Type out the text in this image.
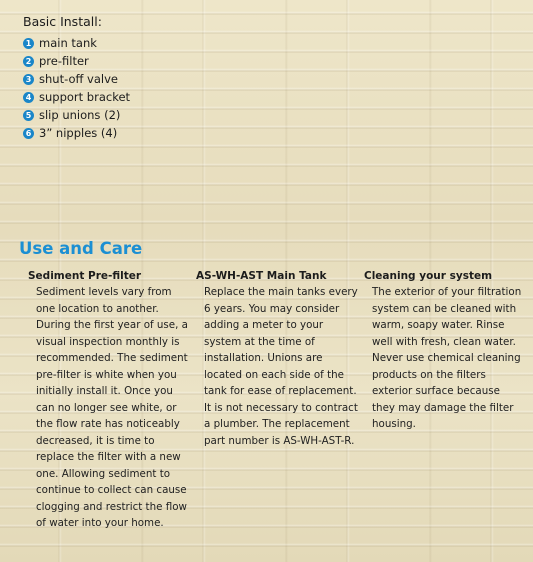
Basic Install:

1 main tank
2 pre-filter
3 shut-off valve
4 support bracket
5 slip unions (2)
6 3” nipples (4)
Use and Care

Sediment Pre-filter

Sediment levels vary from one location to another. During the first year of use, a visual inspection monthly is recommended. The sediment pre-filter is white when you initially install it. Once you can no longer see white, or the flow rate has noticeably decreased, it is time to replace the filter with a new one. Allowing sediment to continue to collect can cause clogging and restrict the flow of water into your home.

AS-WH-AST Main Tank

Replace the main tanks every 6 years. You may consider adding a meter to your system at the time of installation. Unions are located on each side of the tank for ease of replacement. It is not necessary to contract a plumber. The replacement part number is AS-WH-AST-R.

Cleaning your system

The exterior of your filtration system can be cleaned with warm, soapy water. Rinse well with fresh, clean water. Never use chemical cleaning products on the filters exterior surface because they may damage the filter housing.
